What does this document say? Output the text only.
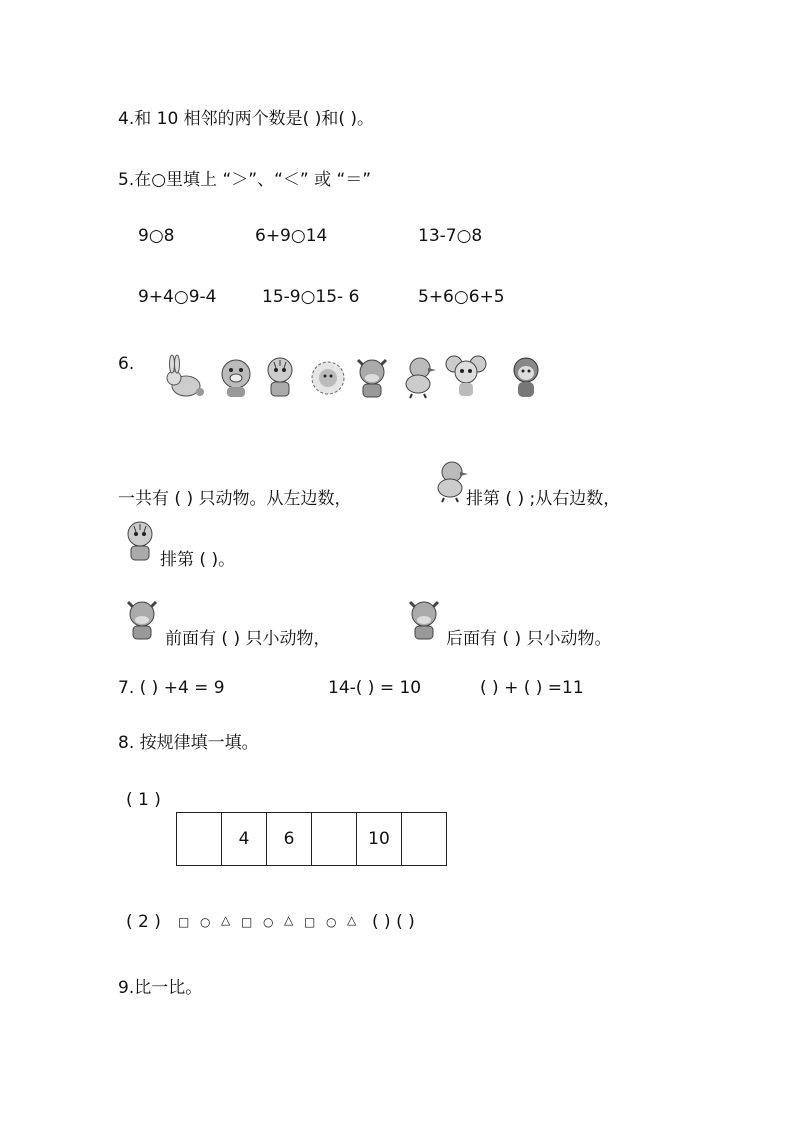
4.和 10 相邻的两个数是( )和( )。
5.在○里填上 “＞”、“＜” 或 “＝”
9○8	6+9○14	13-7○8
9+4○9-4	15-9○15- 6	5+6○6+5
6.
一共有 ( ) 只动物。从左边数，	排第 ( ) ;从右边数，
排第 ( )。
前面有 ( ) 只小动物，	后面有 ( ) 只小动物。
7. ( ) +4 = 9	14-( ) = 10	( ) + ( ) =11
8. 按规律填一填。
( 1 )
	4	6		10	
( 2 ) □ ○ △ □ ○ △ □ ○ △ ( ) ( )
9.比一比。
